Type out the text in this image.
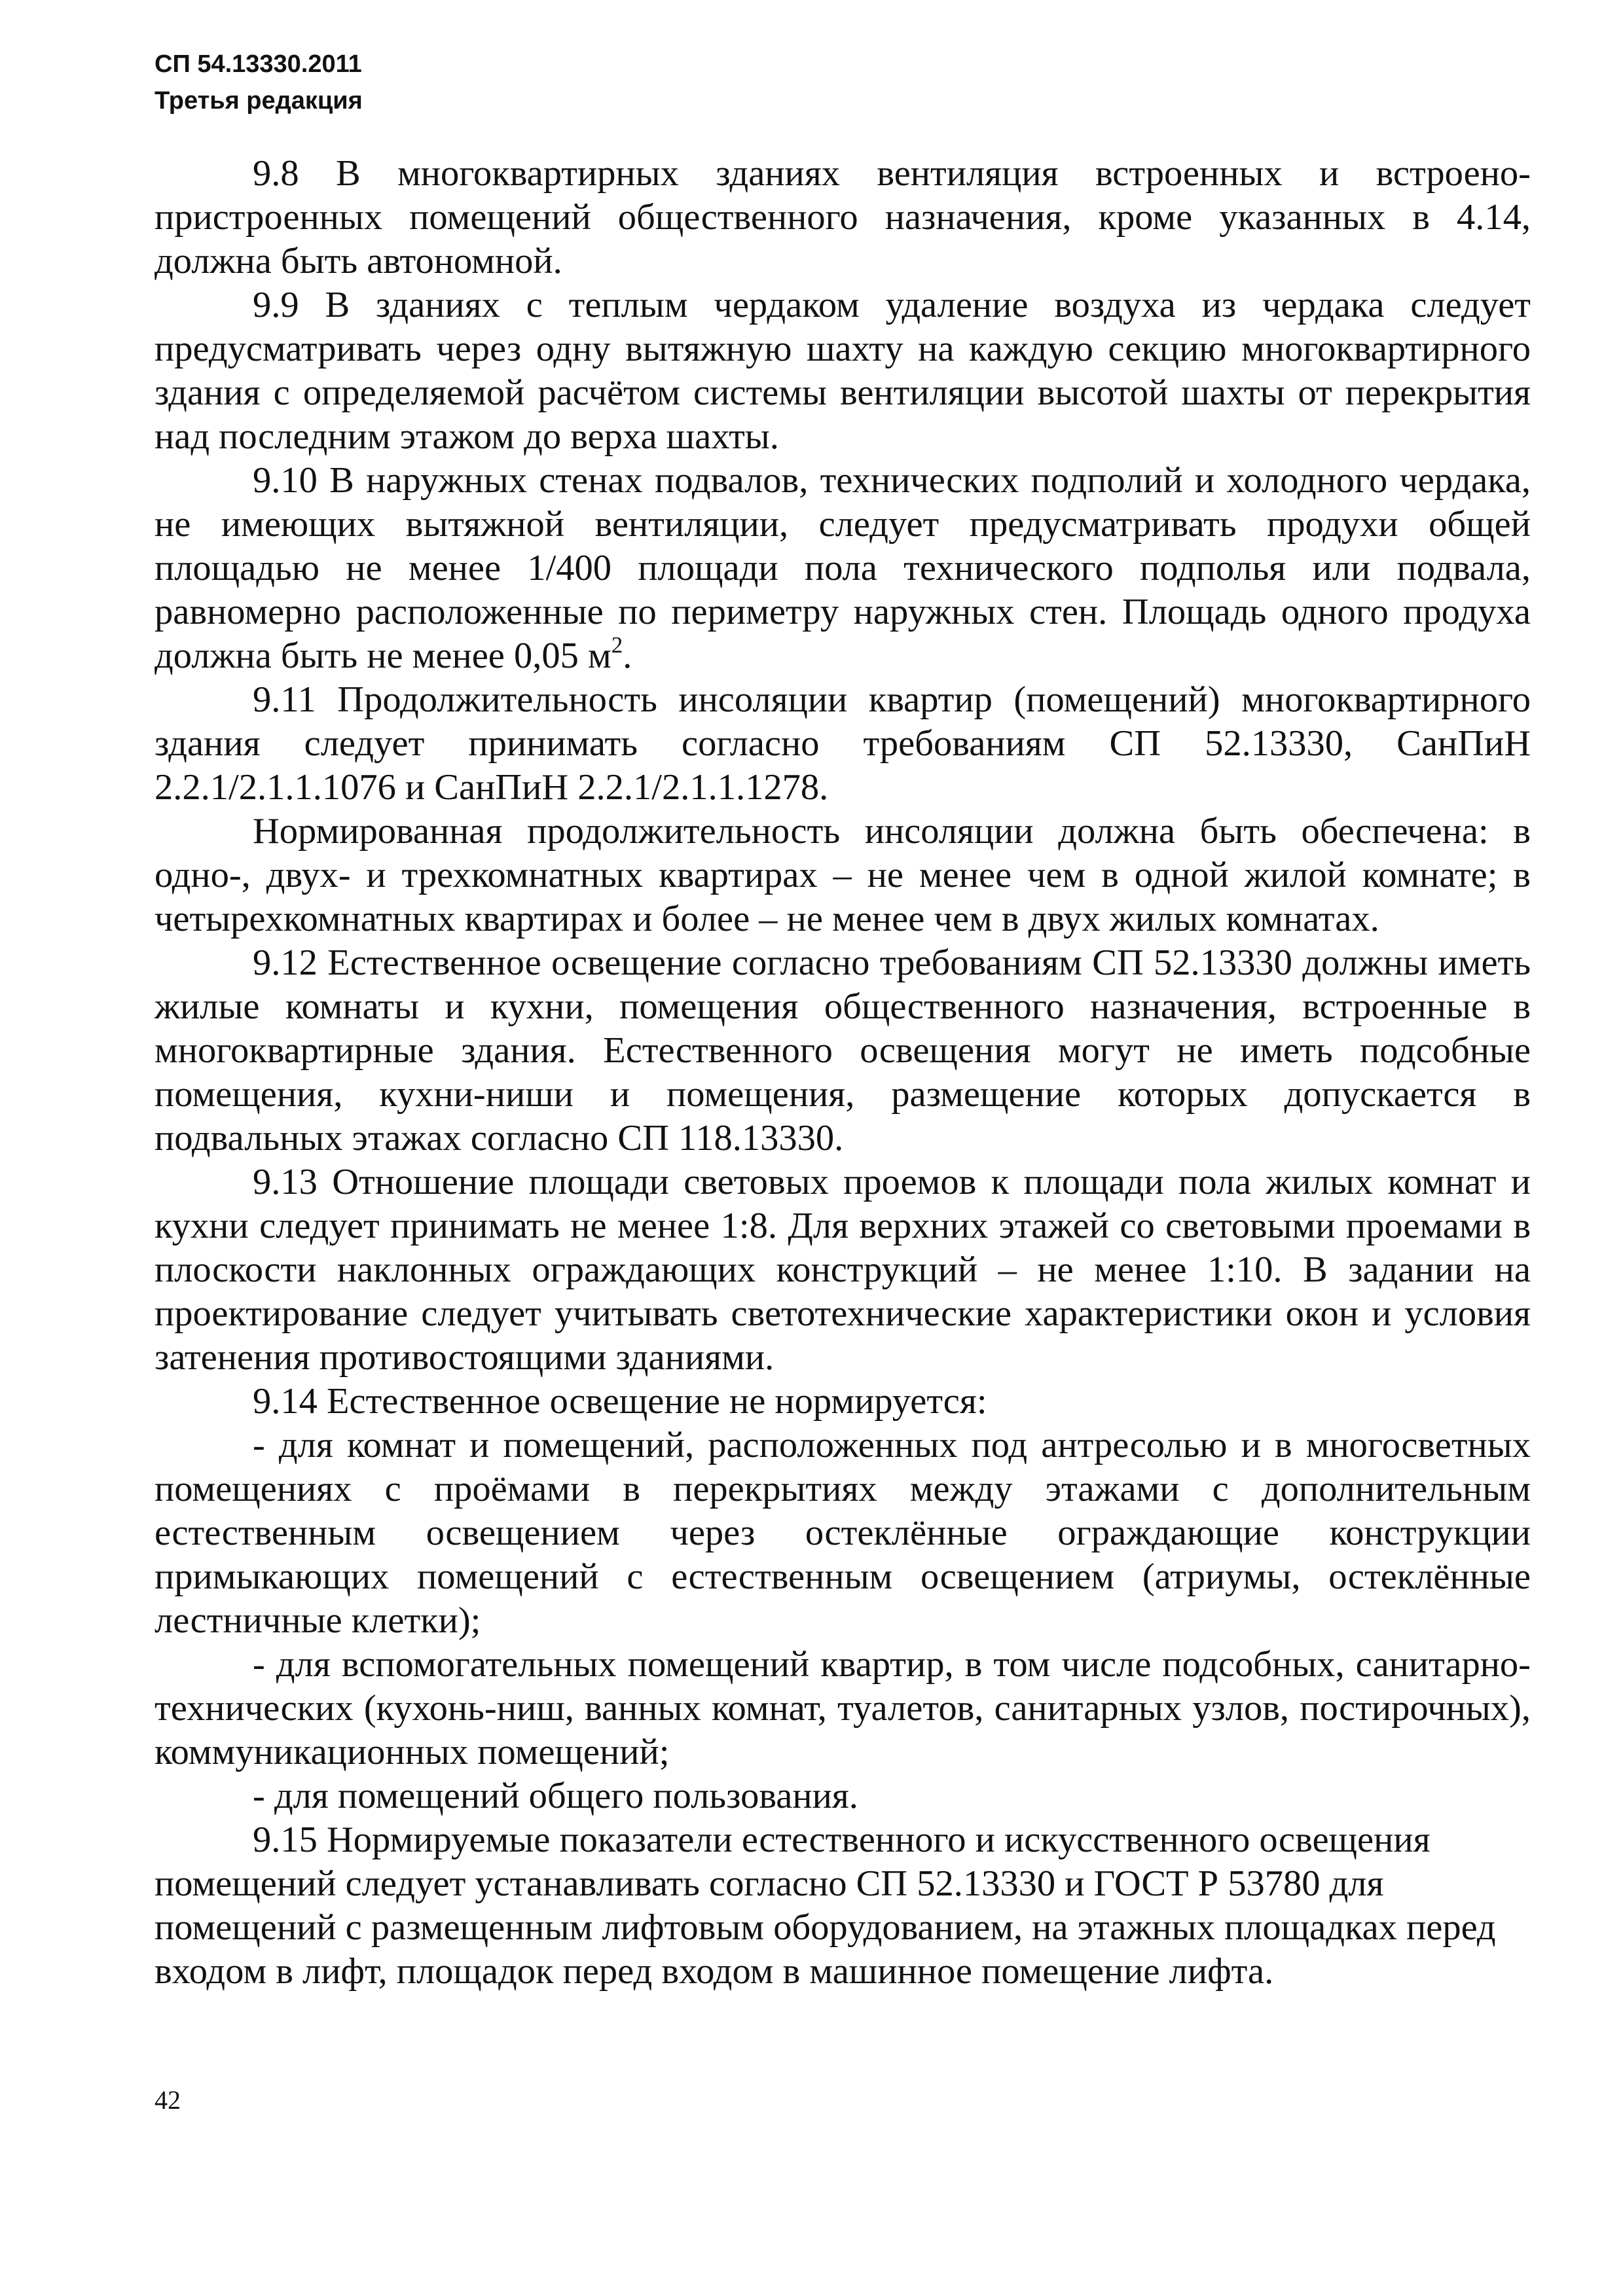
СП 54.13330.2011
Третья редакция

9.8 В многоквартирных зданиях вентиляция встроенных и встроено-пристроенных помещений общественного назначения, кроме указанных в 4.14, должна быть автономной.

9.9 В зданиях с теплым чердаком удаление воздуха из чердака следует предусматривать через одну вытяжную шахту на каждую секцию многоквартирного здания с определяемой расчётом системы вентиляции высотой шахты от перекрытия над последним этажом до верха шахты.

9.10 В наружных стенах подвалов, технических подполий и холодного чердака, не имеющих вытяжной вентиляции, следует предусматривать продухи общей площадью не менее 1/400 площади пола технического подполья или подвала, равномерно расположенные по периметру наружных стен. Площадь одного продуха должна быть не менее 0,05 $м^2$.

9.11 Продолжительность инсоляции квартир (помещений) многоквартирного здания следует принимать согласно требованиям СП 52.13330, СанПиН 2.2.1/2.1.1.1076 и СанПиН 2.2.1/2.1.1.1278.

Нормированная продолжительность инсоляции должна быть обеспечена: в одно-, двух- и трехкомнатных квартирах – не менее чем в одной жилой комнате; в четырехкомнатных квартирах и более – не менее чем в двух жилых комнатах.

9.12 Естественное освещение согласно требованиям СП 52.13330 должны иметь жилые комнаты и кухни, помещения общественного назначения, встроенные в многоквартирные здания. Естественного освещения могут не иметь подсобные помещения, кухни-ниши и помещения, размещение которых допускается в подвальных этажах согласно СП 118.13330.

9.13 Отношение площади световых проемов к площади пола жилых комнат и кухни следует принимать не менее 1:8. Для верхних этажей со световыми проемами в плоскости наклонных ограждающих конструкций – не менее 1:10. В задании на проектирование следует учитывать светотехнические характеристики окон и условия затенения противостоящими зданиями.

9.14 Естественное освещение не нормируется:

- для комнат и помещений, расположенных под антресолью и в многосветных помещениях с проёмами в перекрытиях между этажами с дополнительным естественным освещением через остеклённые ограждающие конструкции примыкающих помещений с естественным освещением (атриумы, остеклённые лестничные клетки);

- для вспомогательных помещений квартир, в том числе подсобных, санитарно-технических (кухонь-ниш, ванных комнат, туалетов, санитарных узлов, постирочных), коммуникационных помещений;

- для помещений общего пользования.

9.15 Нормируемые показатели естественного и искусственного освещения помещений следует устанавливать согласно СП 52.13330 и ГОСТ Р 53780 для помещений с размещенным лифтовым оборудованием, на этажных площадках перед входом в лифт, площадок перед входом в машинное помещение лифта.

42
